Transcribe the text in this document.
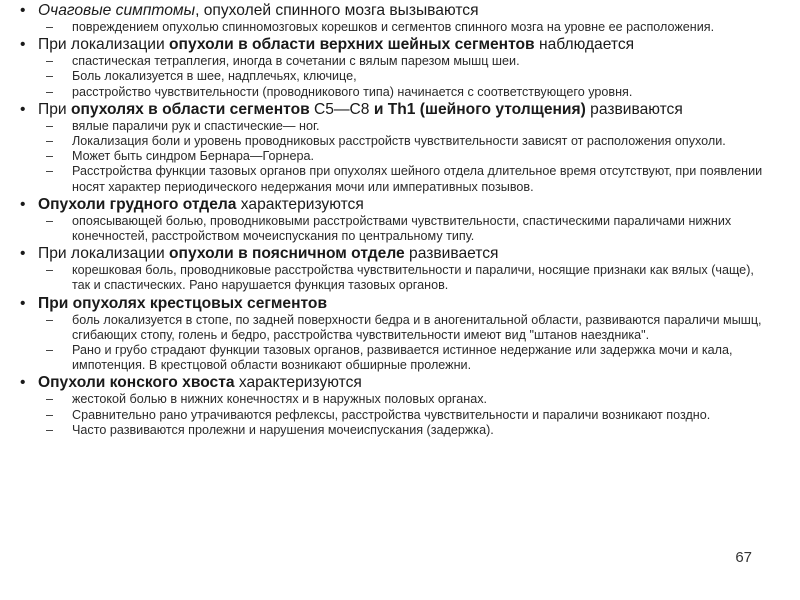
• Очаговые симптомы, опухолей спинного мозга вызываются
– повреждением опухолью спинномозговых корешков и сегментов спинного мозга на уровне ее расположения.
• При локализации опухоли в области верхних шейных сегментов наблюдается
– спастическая тетраплегия, иногда в сочетании с вялым парезом мышц шеи.
– Боль локализуется в шее, надплечьях, ключице,
– расстройство чувствительности (проводникового типа) начинается с соответствующего уровня.
• При опухолях в области сегментов С5—С8 и Th1 (шейного утолщения) развиваются
– вялые параличи рук и спастические— ног.
– Локализация боли и уровень проводниковых расстройств чувствительности зависят от расположения опухоли.
– Может быть синдром Бернара—Горнера.
– Расстройства функции тазовых органов при опухолях шейного отдела длительное время отсутствуют, при появлении носят характер периодического недержания мочи или императивных позывов.
• Опухоли грудного отдела характеризуются
– опоясывающей болью, проводниковыми расстройствами чувствительности, спастическими параличами нижних конечностей, расстройством мочеиспускания по центральному типу.
• При локализации опухоли в поясничном отделе развивается
– корешковая боль, проводниковые расстройства чувствительности и параличи, носящие признаки как вялых (чаще), так и спастических. Рано нарушается функция тазовых органов.
• При опухолях крестцовых сегментов
– боль локализуется в стопе, по задней поверхности бедра и в аногенитальной области, развиваются параличи мышц, сгибающих стопу, голень и бедро, расстройства чувствительности имеют вид "штанов наездника".
– Рано и грубо страдают функции тазовых органов, развивается истинное недержание или задержка мочи и кала, импотенция. В крестцовой области возникают обширные пролежни.
• Опухоли конского хвоста характеризуются
– жестокой болью в нижних конечностях и в наружных половых органах.
– Сравнительно рано утрачиваются рефлексы, расстройства чувствительности и параличи возникают поздно.
– Часто развиваются пролежни и нарушения мочеиспускания (задержка).
67
